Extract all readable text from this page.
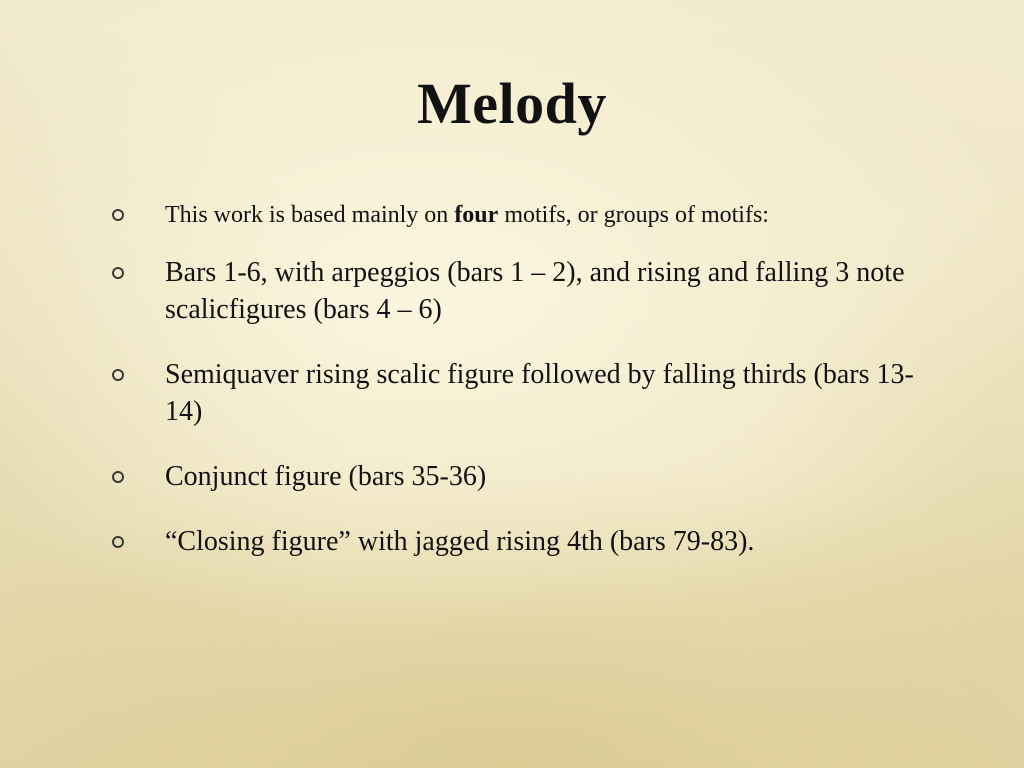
Melody
This work is based mainly on four motifs, or groups of motifs:
Bars 1-6, with arpeggios (bars 1 – 2), and rising and falling 3 note scalicfigures (bars 4 – 6)
Semiquaver rising scalic figure followed by falling thirds (bars 13-14)
Conjunct figure (bars 35-36)
“Closing figure” with jagged rising 4th (bars 79-83).
